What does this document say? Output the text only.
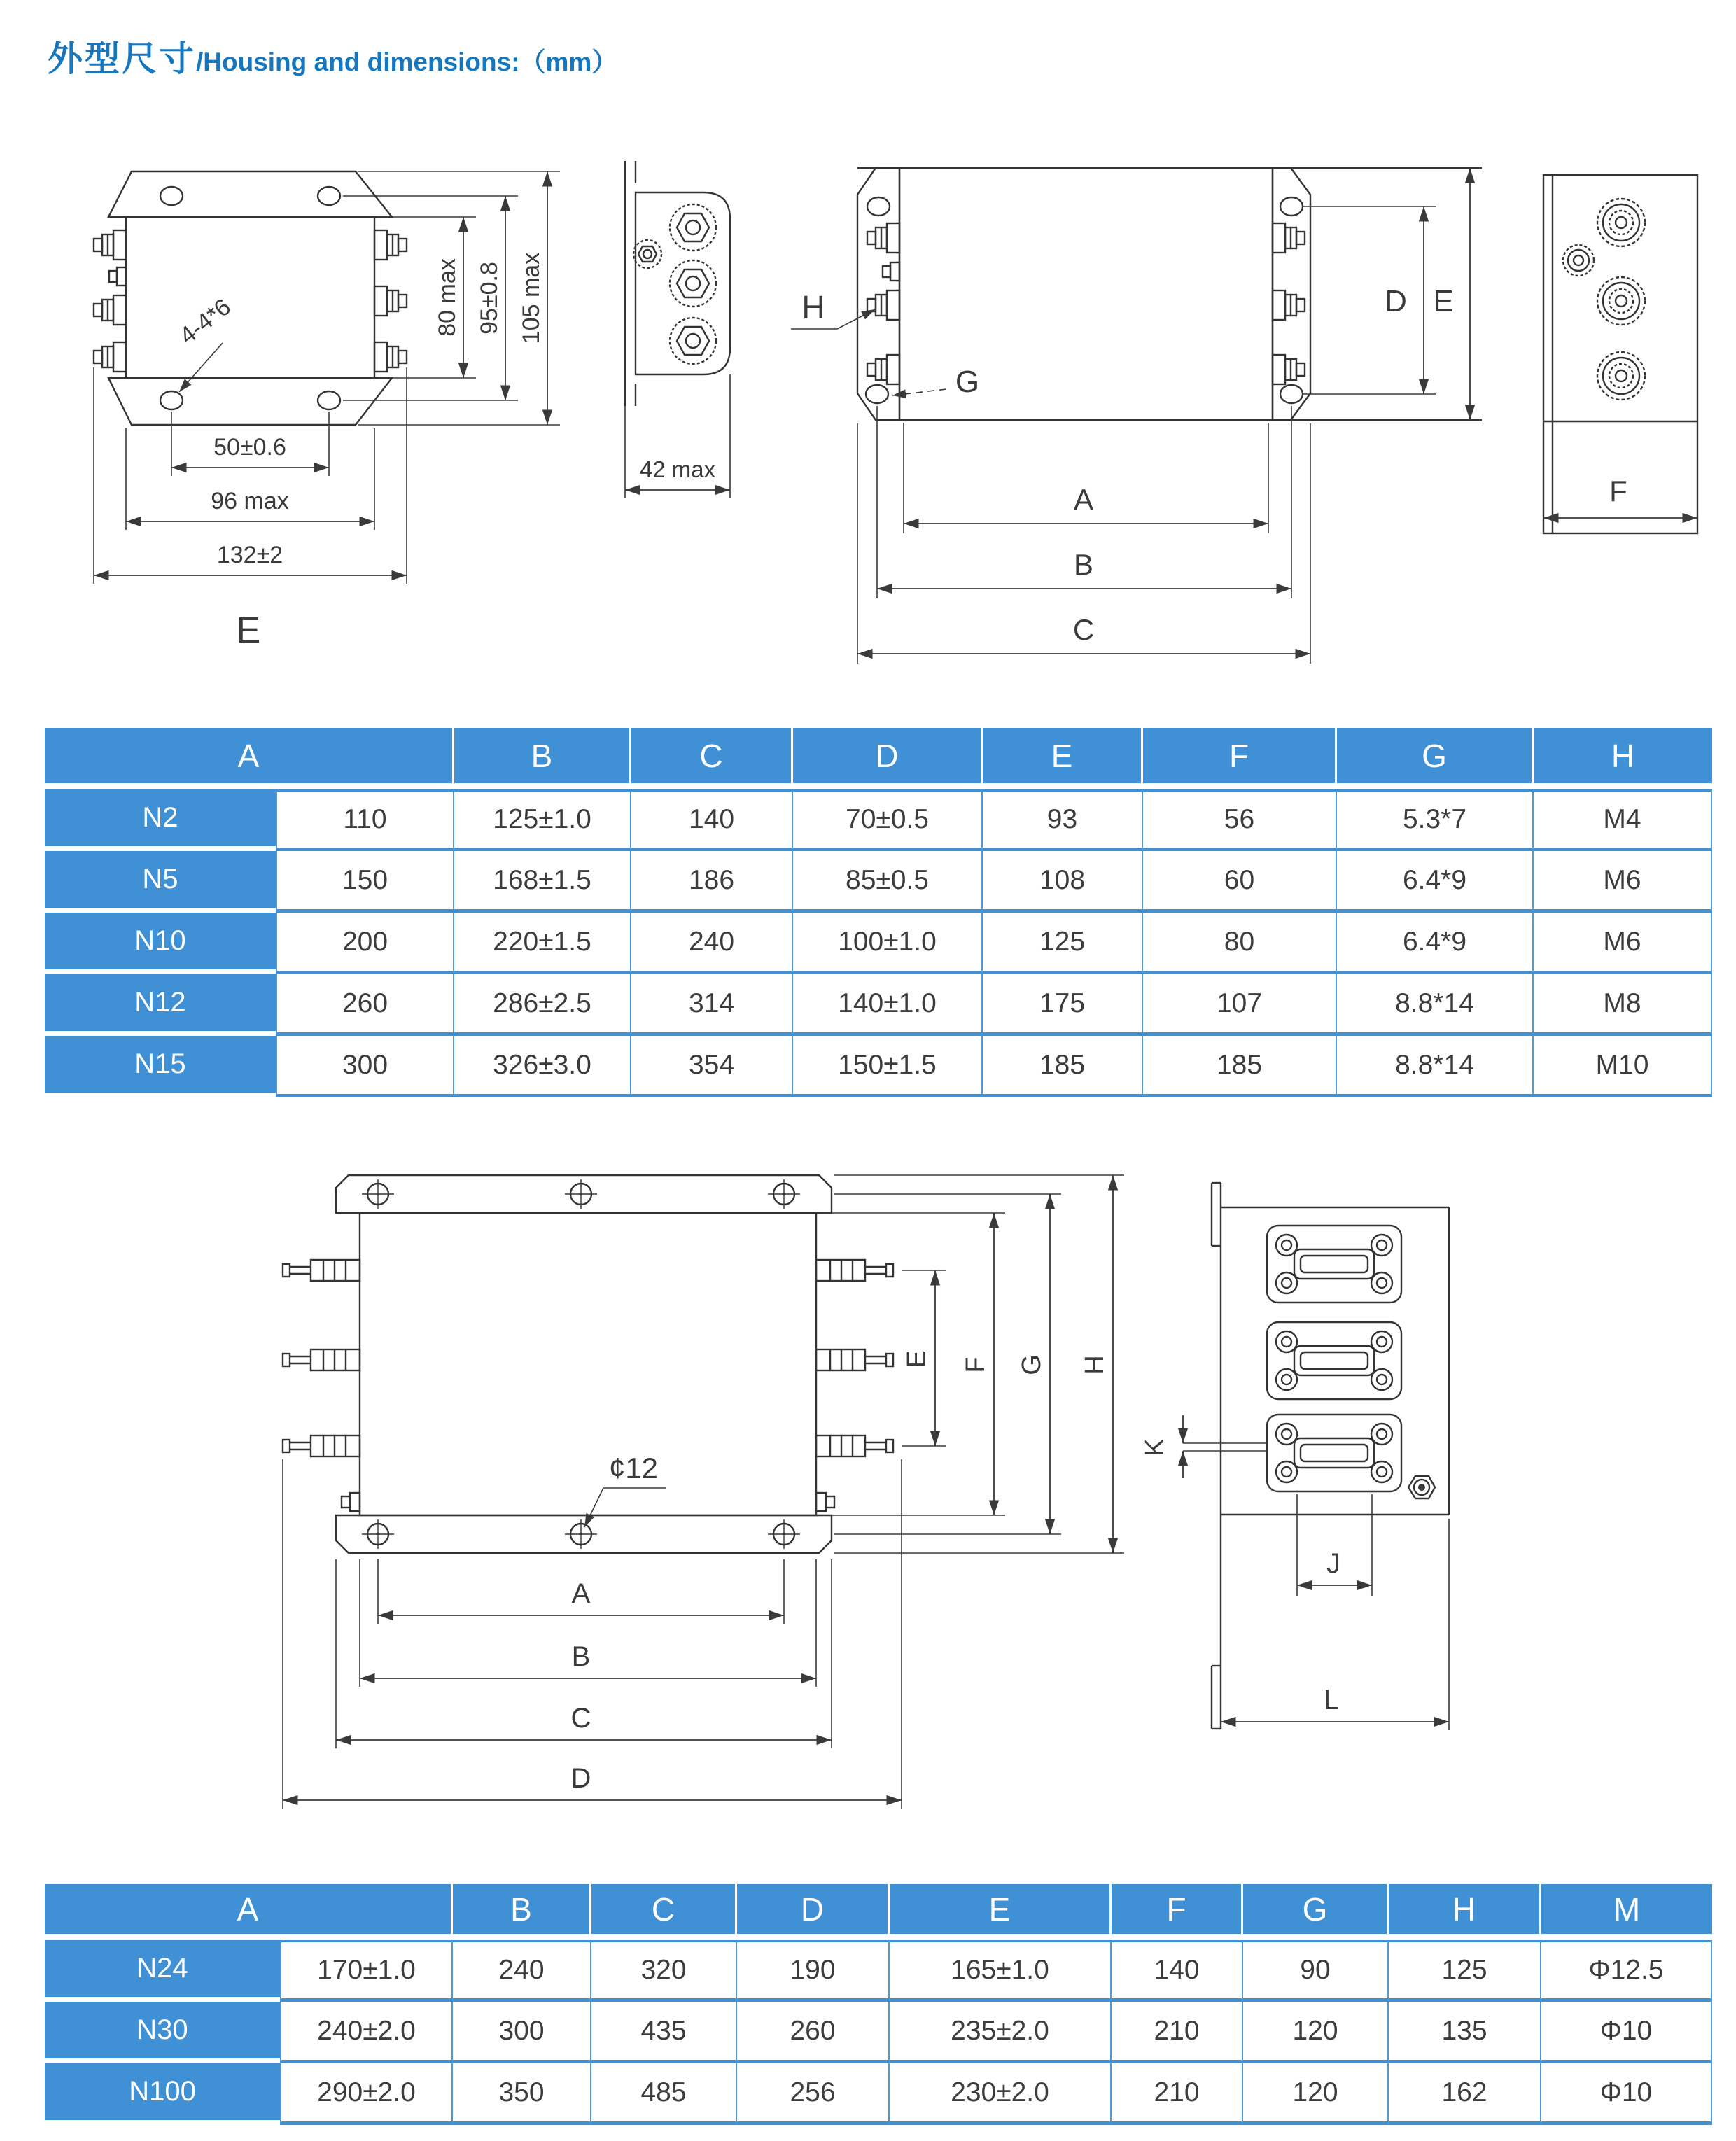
外型尺寸 /Housing and dimensions:（mm）
80 max 95±0.8 105 max
4-4*6
50±0.6
96 max
132±2
E
42 max
H
G
D E
A
B
C
F
A		B	C	D	E	F	G	H
N2	110	125±1.0	140	70±0.5	93	56	5.3*7	M4
N5	150	168±1.5	186	85±0.5	108	60	6.4*9	M6
N10	200	220±1.5	240	100±1.0	125	80	6.4*9	M6
N12	260	286±2.5	314	140±1.0	175	107	8.8*14	M8
N15	300	326±3.0	354	150±1.5	185	185	8.8*14	M10
¢12
E F G H
A
B
C
D
K
J
L
A		B	C	D	E	F	G	H	M
N24	170±1.0	240	320	190	165±1.0	140	90	125	Φ12.5
N30	240±2.0	300	435	260	235±2.0	210	120	135	Φ10
N100	290±2.0	350	485	256	230±2.0	210	120	162	Φ10
